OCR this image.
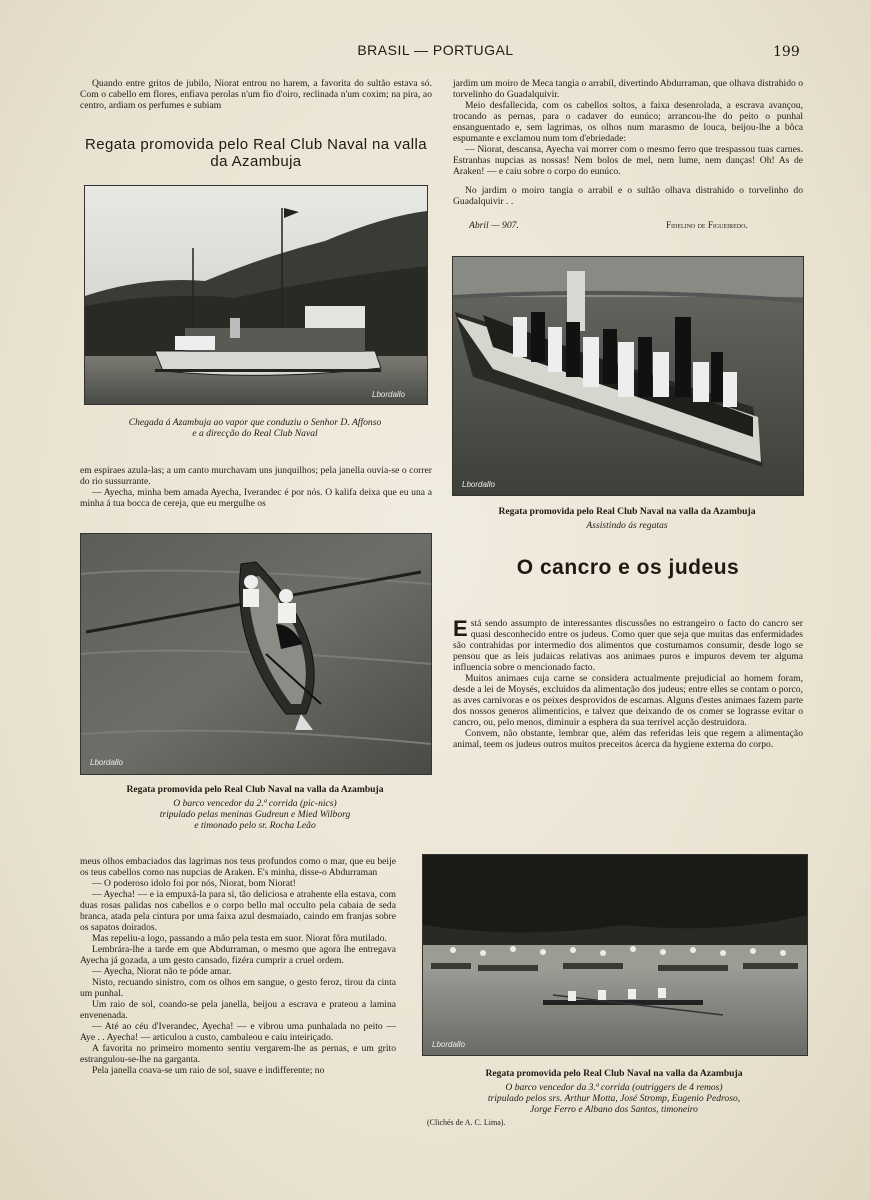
BRASIL — PORTUGAL	199

Quando entre gritos de jubilo, Niorat entrou no harem, a favorita do sultão estava só. Com o cabello em flores, enfiava perolas n'um fio d'oiro, reclinada n'um coxim; na pira, ao centro, ardiam os perfumes e subiam

Regata promovida pelo Real Club Naval na valla da Azambuja
Lbordallo

Chegada á Azambuja ao vapor que conduziu o Senhor D. Affonso

e a direcção do Real Club Naval

em espiraes azula-las; a um canto murchavam uns junquilhos; pela janella ouvia-se o correr do rio sussurrante.

— Ayecha, minha bem amada Ayecha, Iverandec é por nós. O kalifa deixa que eu una a minha á tua bocca de cereja, que eu mergulhe os

Lbordallo
Regata promovida pelo Real Club Naval na valla da Azambuja

O barco vencedor da 2.ª corrida (pic-nics)

tripulado pelas meninas Gudreun e Mied Wilborg

e timonado pelo sr. Rocha Leão

meus olhos embaciados das lagrimas nos teus profundos como o mar, que eu beije os teus cabellos como nas nupcias de Araken. E's minha, disse-o Abdurraman

— O poderoso idolo foi por nós, Niorat, bom Niorat!

— Ayecha! — e ia empuxá-la para si, tão deliciosa e atrahente ella estava, com duas rosas palidas nos cabellos e o corpo bello mal occulto pela cabaia de seda branca, atada pela cintura por uma faixa azul desmaiado, caindo em franjas sobre os sapatos doirados.

Mas repeliu-a logo, passando a mão pela testa em suor. Niorat fôra mutilado.

Lembrára-lhe a tarde em que Abdurraman, o mesmo que agora lhe entregava Ayecha já gozada, a um gesto cansado, fizéra cumprir a cruel ordem.

— Ayecha, Niorat não te póde amar.

Nisto, recuando sinistro, com os olhos em sangue, o gesto feroz, tirou da cinta um punhal.

Um raio de sol, coando-se pela janella, beijou a escrava e prateou a lamina envenenada.

— Até ao céu d'Iverandec, Ayecha! — e vibrou uma punhalada no peito — Aye . . Ayecha! — articulou a custo, cambaleou e caiu inteiriçado.

A favorita no primeiro momento sentiu vergarem-lhe as pernas, e um grito estrangulou-se-lhe na garganta.

Pela janella coava-se um raio de sol, suave e indifferente; no

jardim um moiro de Meca tangia o arrabil, divertindo Abdurraman, que olhava distrahido o torvelinho do Guadalquivir.

Meio desfallecida, com os cabellos soltos, a faixa desenrolada, a escrava avançou, trocando as pernas, para o cadaver do eunúco; arrancou-lhe do peito o punhal ensanguentado e, sem lagrimas, os olhos num marasmo de louca, beijou-lhe a bôca espumante e exclamou num tom d'ebriedade:

— Niorat, descansa, Ayecha vai morrer com o mesmo ferro que trespassou tuas carnes. Estranhas nupcias as nossas! Nem bolos de mel, nem lume, nem danças! Oh! As de Araken! — e caiu sobre o corpo do eunúco.

No jardim o moiro tangia o arrabil e o sultão olhava distrahido o torvelinho do Guadalquivir . .

Abril — 907.	Fidelino de Figueiredo.
Lbordallo
Regata promovida pelo Real Club Naval na valla da Azambuja
Assistindo ás regatas
O cancro e os judeus

Está sendo assumpto de interessantes discussões no estrangeiro o facto do cancro ser quasi desconhecido entre os judeus. Como quer que seja que muitas das enfermidades são contrahidas por intermedio dos alimentos que costumamos consumir, desde logo se pensou que as leis judaicas relativas aos animaes puros e impuros devem ter alguma influencia sobre o mencionado facto.

Muitos animaes cuja carne se considera actualmente prejudicial ao homem foram, desde a lei de Moysés, excluidos da alimentação dos judeus; entre elles se contam o porco, as aves carnivoras e os peixes desprovidos de escamas. Alguns d'estes animaes fazem parte dos nossos generos alimenticios, e talvez que deixando de os comer se lograsse evitar o cancro, ou, pelo menos, diminuir a esphera da sua terrivel acção destruidora.

Convem, não obstante, lembrar que, além das referidas leis que regem a alimentação animal, teem os judeus outros muitos preceitos ácerca da hygiene externa do corpo.

Lbordallo
Regata promovida pelo Real Club Naval na valla da Azambuja

O barco vencedor da 3.ª corrida (outriggers de 4 remos)

tripulado pelos srs. Arthur Motta, José Stromp, Eugenio Pedroso,

Jorge Ferro e Albano dos Santos, timoneiro

(Clichés de A. C. Lima).
